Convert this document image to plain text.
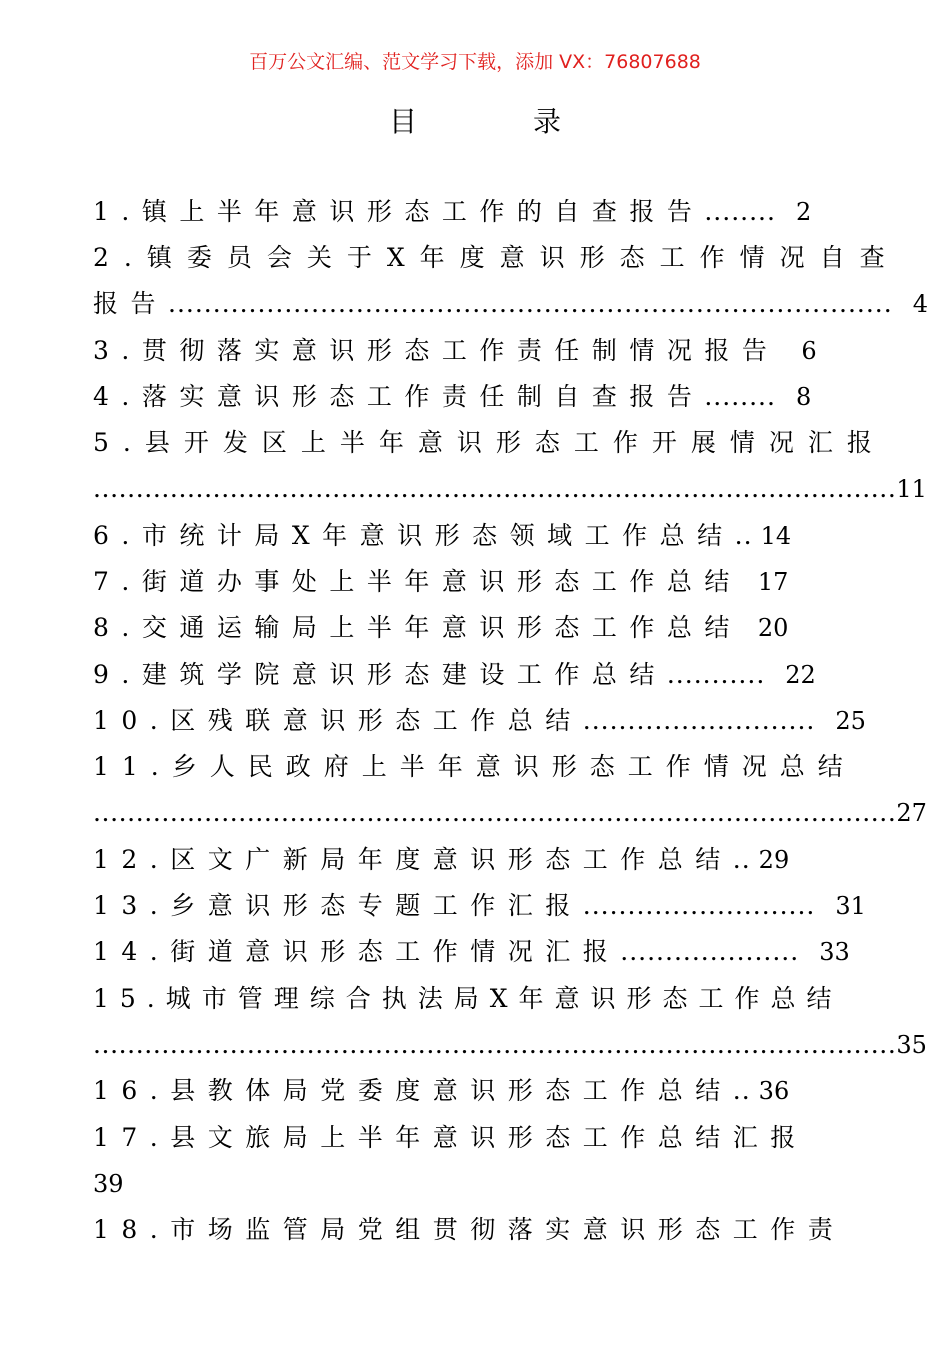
百万公文汇编、范文学习下载，添加 VX：76807688
目　录
1.镇上半年意识形态工作的自查报告 ........ 2
2.镇委员会关于X年度意识形态工作情况自查
报告 ................................................................................. 4
3.贯彻落实意识形态工作责任制情况报告 6
4.落实意识形态工作责任制自查报告 ........ 8
5.县开发区上半年意识形态工作开展情况汇报
.............................................................................................. 11
6.市统计局X年意识形态领域工作总结 .. 14
7.街道办事处上半年意识形态工作总结 17
8.交通运输局上半年意识形态工作总结 20
9.建筑学院意识形态建设工作总结 ........... 22
10.区残联意识形态工作总结 .......................... 25
11.乡人民政府上半年意识形态工作情况总结
.............................................................................................. 27
12.区文广新局年度意识形态工作总结 .. 29
13.乡意识形态专题工作汇报 .......................... 31
14.街道意识形态工作情况汇报 .................... 33
15.城市管理综合执法局X年意识形态工作总结
.............................................................................................. 35
16.县教体局党委度意识形态工作总结 .. 36
17.县文旅局上半年意识形态工作总结汇报
39
18.市场监管局党组贯彻落实意识形态工作责
